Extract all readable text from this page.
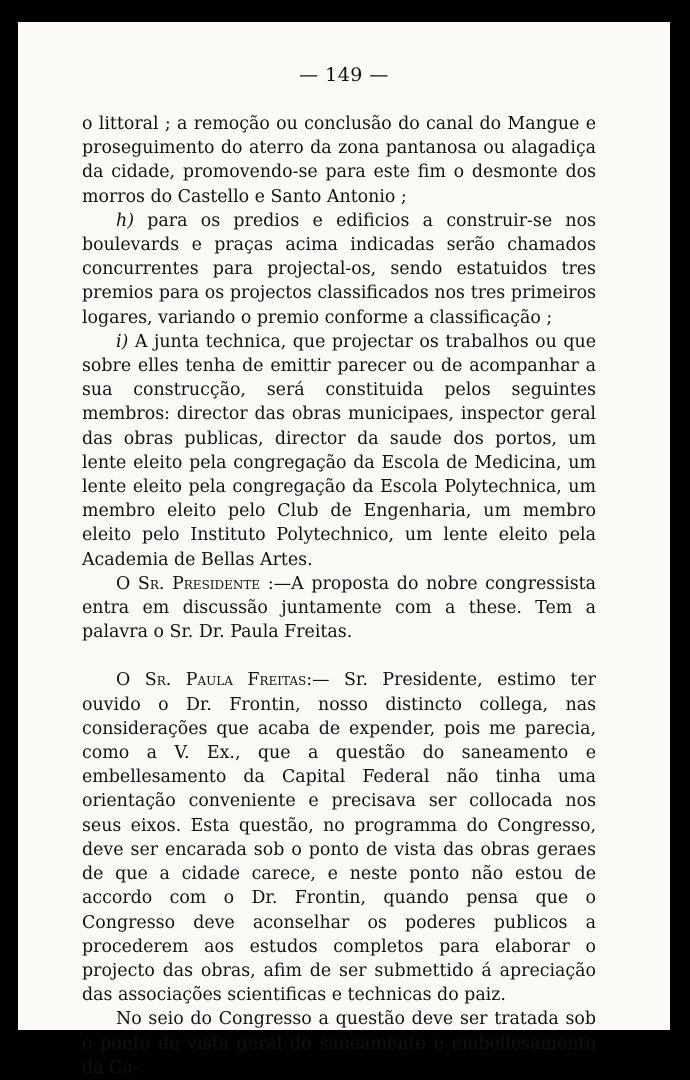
— 149 —

o littoral ; a remoção ou conclusão do canal do Mangue e proseguimento do aterro da zona pantanosa ou alagadiça da cidade, promovendo-se para este fim o desmonte dos morros do Castello e Santo Antonio ;

h) para os predios e edificios a construir-se nos boulevards e praças acima indicadas serão chamados concurrentes para projectal-os, sendo estatuidos tres premios para os projectos classificados nos tres primeiros logares, variando o premio conforme a classificação ;

i) A junta technica, que projectar os trabalhos ou que sobre elles tenha de emittir parecer ou de acompanhar a sua construcção, será constituida pelos seguintes membros: director das obras municipaes, inspector geral das obras publicas, director da saude dos portos, um lente eleito pela congregação da Escola de Medicina, um lente eleito pela congregação da Escola Polytechnica, um membro eleito pelo Club de Engenharia, um membro eleito pelo Instituto Polytechnico, um lente eleito pela Academia de Bellas Artes.

O Sr. Presidente :—A proposta do nobre congressista entra em discussão juntamente com a these. Tem a palavra o Sr. Dr. Paula Freitas.

O Sr. Paula Freitas:— Sr. Presidente, estimo ter ouvido o Dr. Frontin, nosso distincto collega, nas considerações que acaba de expender, pois me parecia, como a V. Ex., que a questão do saneamento e embellesamento da Capital Federal não tinha uma orientação conveniente e precisava ser collocada nos seus eixos. Esta questão, no programma do Congresso, deve ser encarada sob o ponto de vista das obras geraes de que a cidade carece, e neste ponto não estou de accordo com o Dr. Frontin, quando pensa que o Congresso deve aconselhar os poderes publicos a procederem aos estudos completos para elaborar o projecto das obras, afim de ser submettido á apreciação das associações scientificas e technicas do paiz.

No seio do Congresso a questão deve ser tratada sob o ponto de vista geral do saneamento e embellesamento da Ca-
